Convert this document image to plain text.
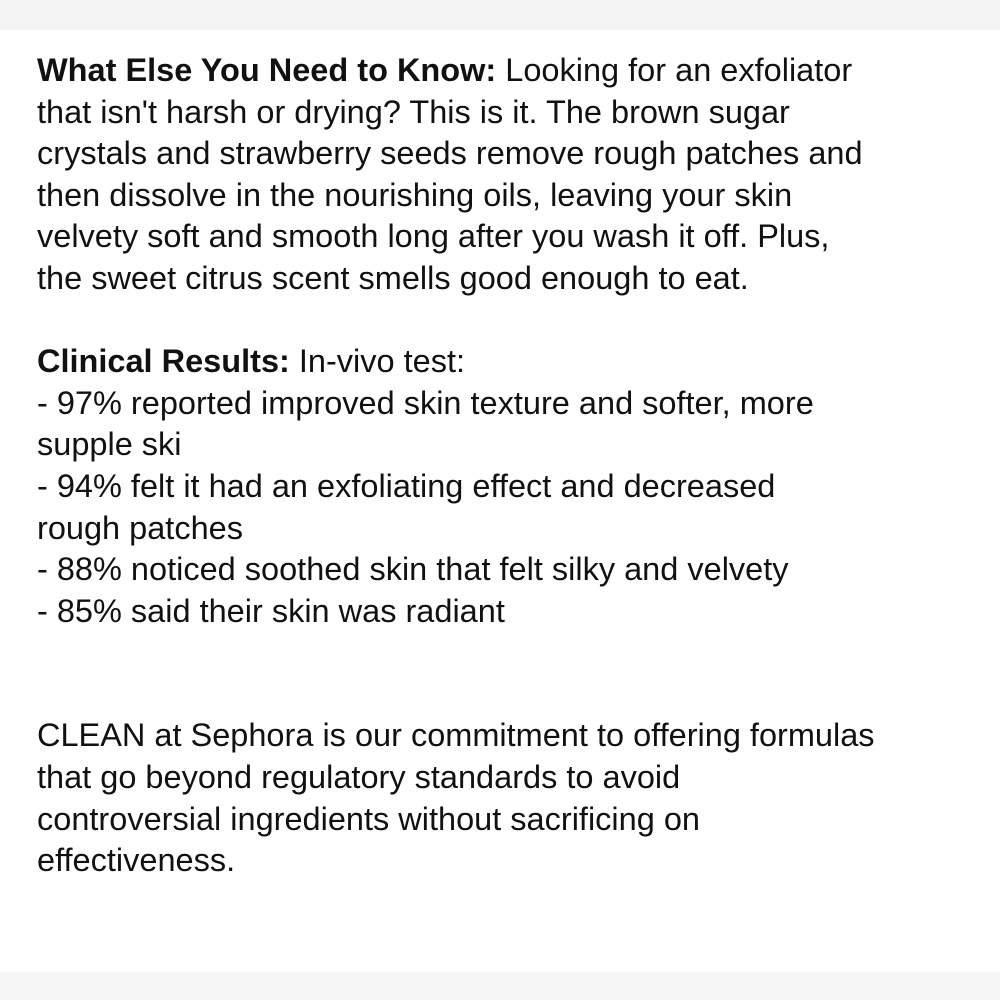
What Else You Need to Know: Looking for an exfoliator
that isn't harsh or drying? This is it. The brown sugar
crystals and strawberry seeds remove rough patches and
then dissolve in the nourishing oils, leaving your skin
velvety soft and smooth long after you wash it off. Plus,
the sweet citrus scent smells good enough to eat.
Clinical Results: In-vivo test:
- 97% reported improved skin texture and softer, more
supple ski
- 94% felt it had an exfoliating effect and decreased
rough patches
- 88% noticed soothed skin that felt silky and velvety
- 85% said their skin was radiant
CLEAN at Sephora is our commitment to offering formulas
that go beyond regulatory standards to avoid
controversial ingredients without sacrificing on
effectiveness.
